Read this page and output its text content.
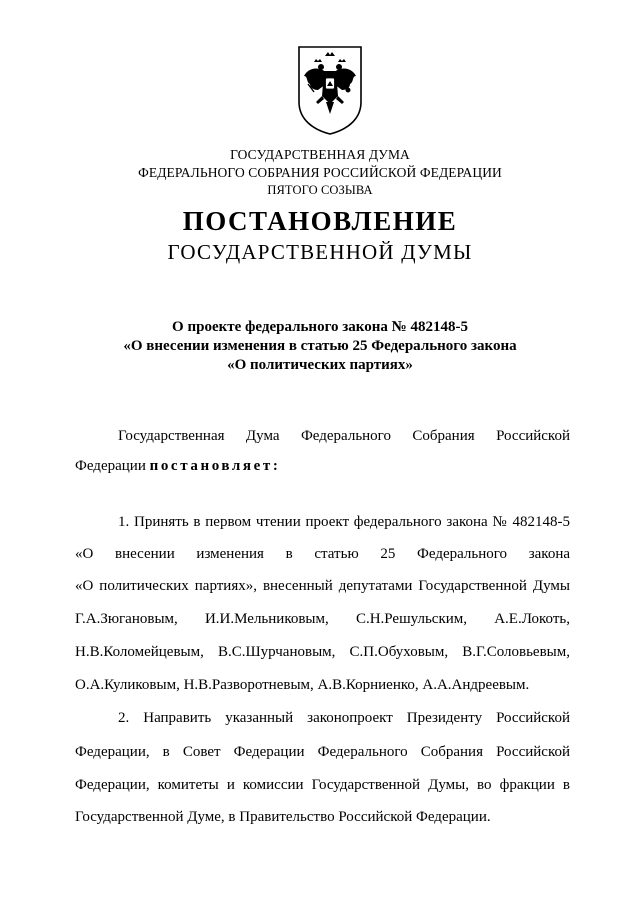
ГОСУДАРСТВЕННАЯ ДУМА
ФЕДЕРАЛЬНОГО СОБРАНИЯ РОССИЙСКОЙ ФЕДЕРАЦИИ
ПЯТОГО СОЗЫВА
ПОСТАНОВЛЕНИЕ
ГОСУДАРСТВЕННОЙ ДУМЫ
О проекте федерального закона № 482148-5
«О внесении изменения в статью 25 Федерального закона
«О политических партиях»
Государственная Дума Федерального Собрания Российской
Федерации постановляет:
1. Принять в первом чтении проект федерального закона № 482148-5
«О внесении изменения в статью 25 Федерального закона
«О политических партиях», внесенный депутатами Государственной Думы
Г.А.Зюгановым, И.И.Мельниковым, С.Н.Решульским, А.Е.Локоть,
Н.В.Коломейцевым, В.С.Шурчановым, С.П.Обуховым, В.Г.Соловьевым,
О.А.Куликовым, Н.В.Разворотневым, А.В.Корниенко, А.А.Андреевым.
2. Направить указанный законопроект Президенту Российской
Федерации, в Совет Федерации Федерального Собрания Российской
Федерации, комитеты и комиссии Государственной Думы, во фракции в
Государственной Думе, в Правительство Российской Федерации.
